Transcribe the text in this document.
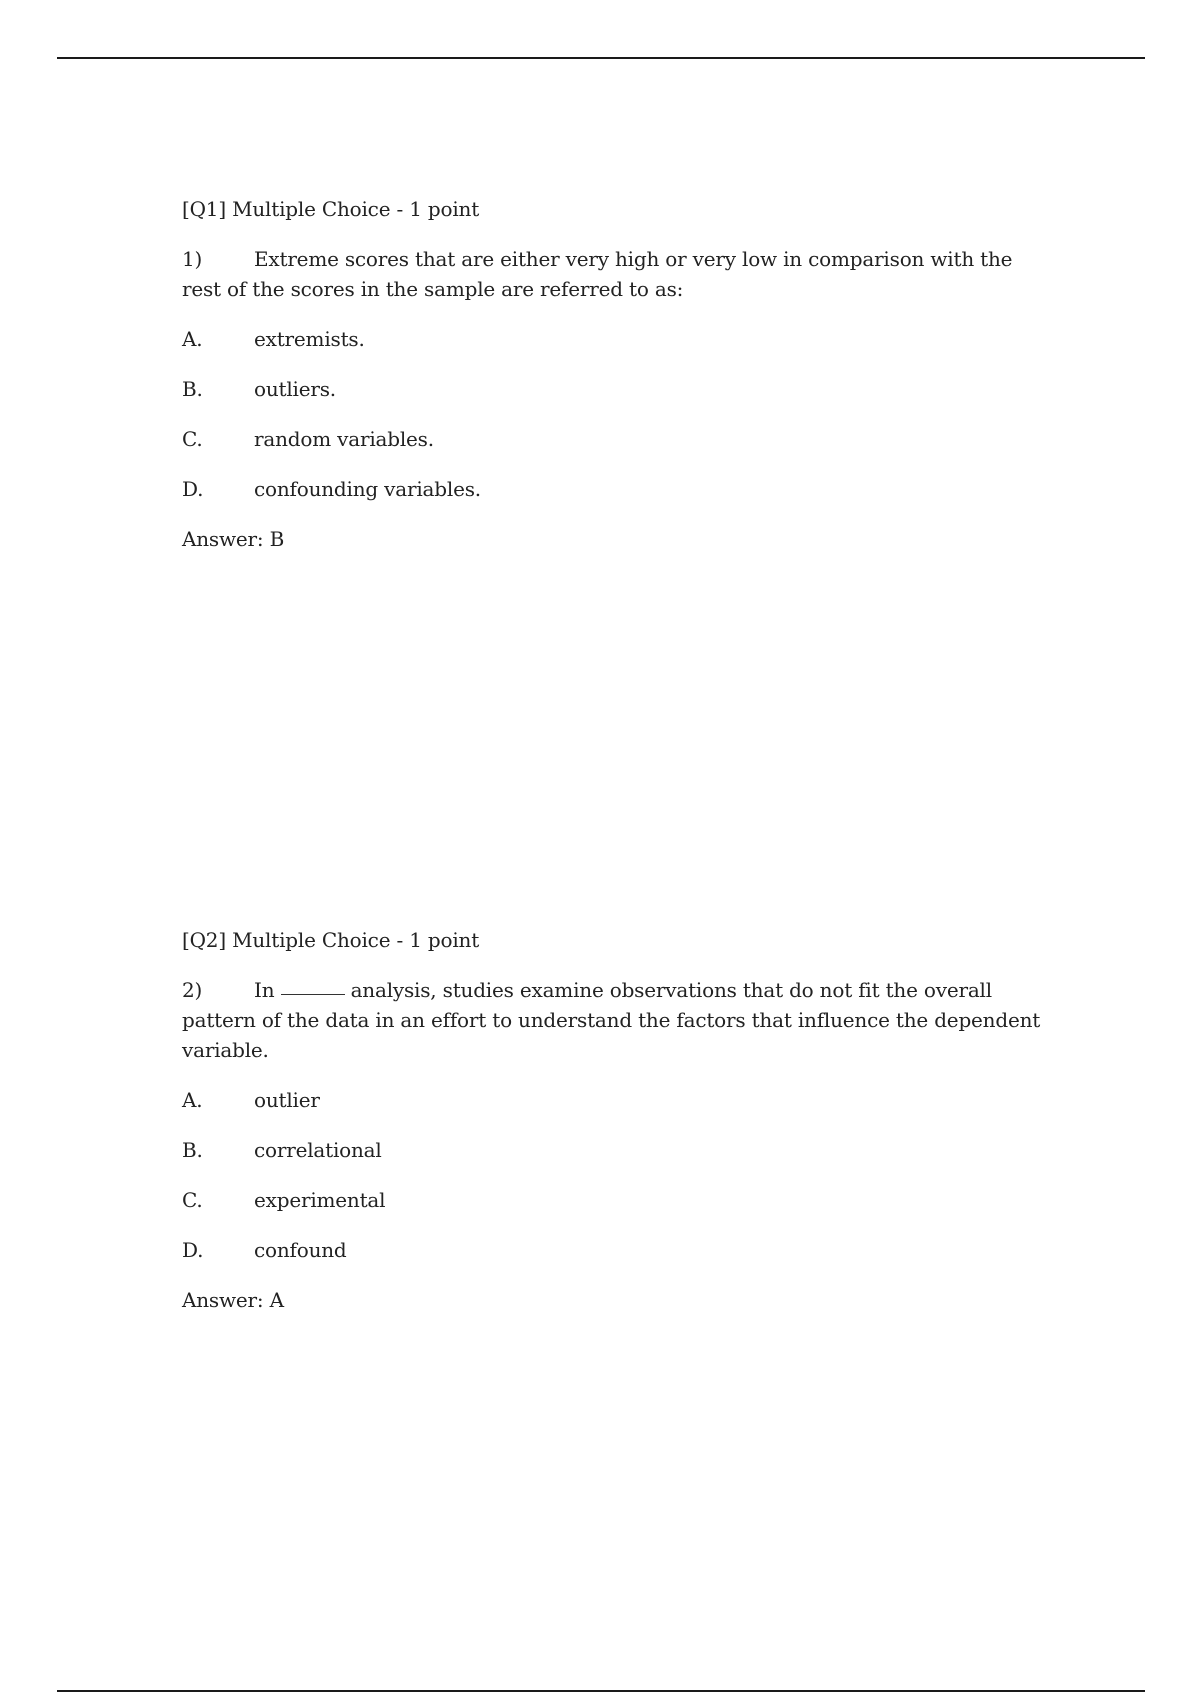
[Q1] Multiple Choice - 1 point
1)	Extreme scores that are either very high or very low in comparison with the rest of the scores in the sample are referred to as:
A.	extremists.
B.	outliers.
C.	random variables.
D.	confounding variables.
Answer: B
[Q2] Multiple Choice - 1 point
2)	In	analysis, studies examine observations that do not fit the overall pattern of the data in an effort to understand the factors that influence the dependent variable.
A.	outlier
B.	correlational
C.	experimental
D.	confound
Answer: A
